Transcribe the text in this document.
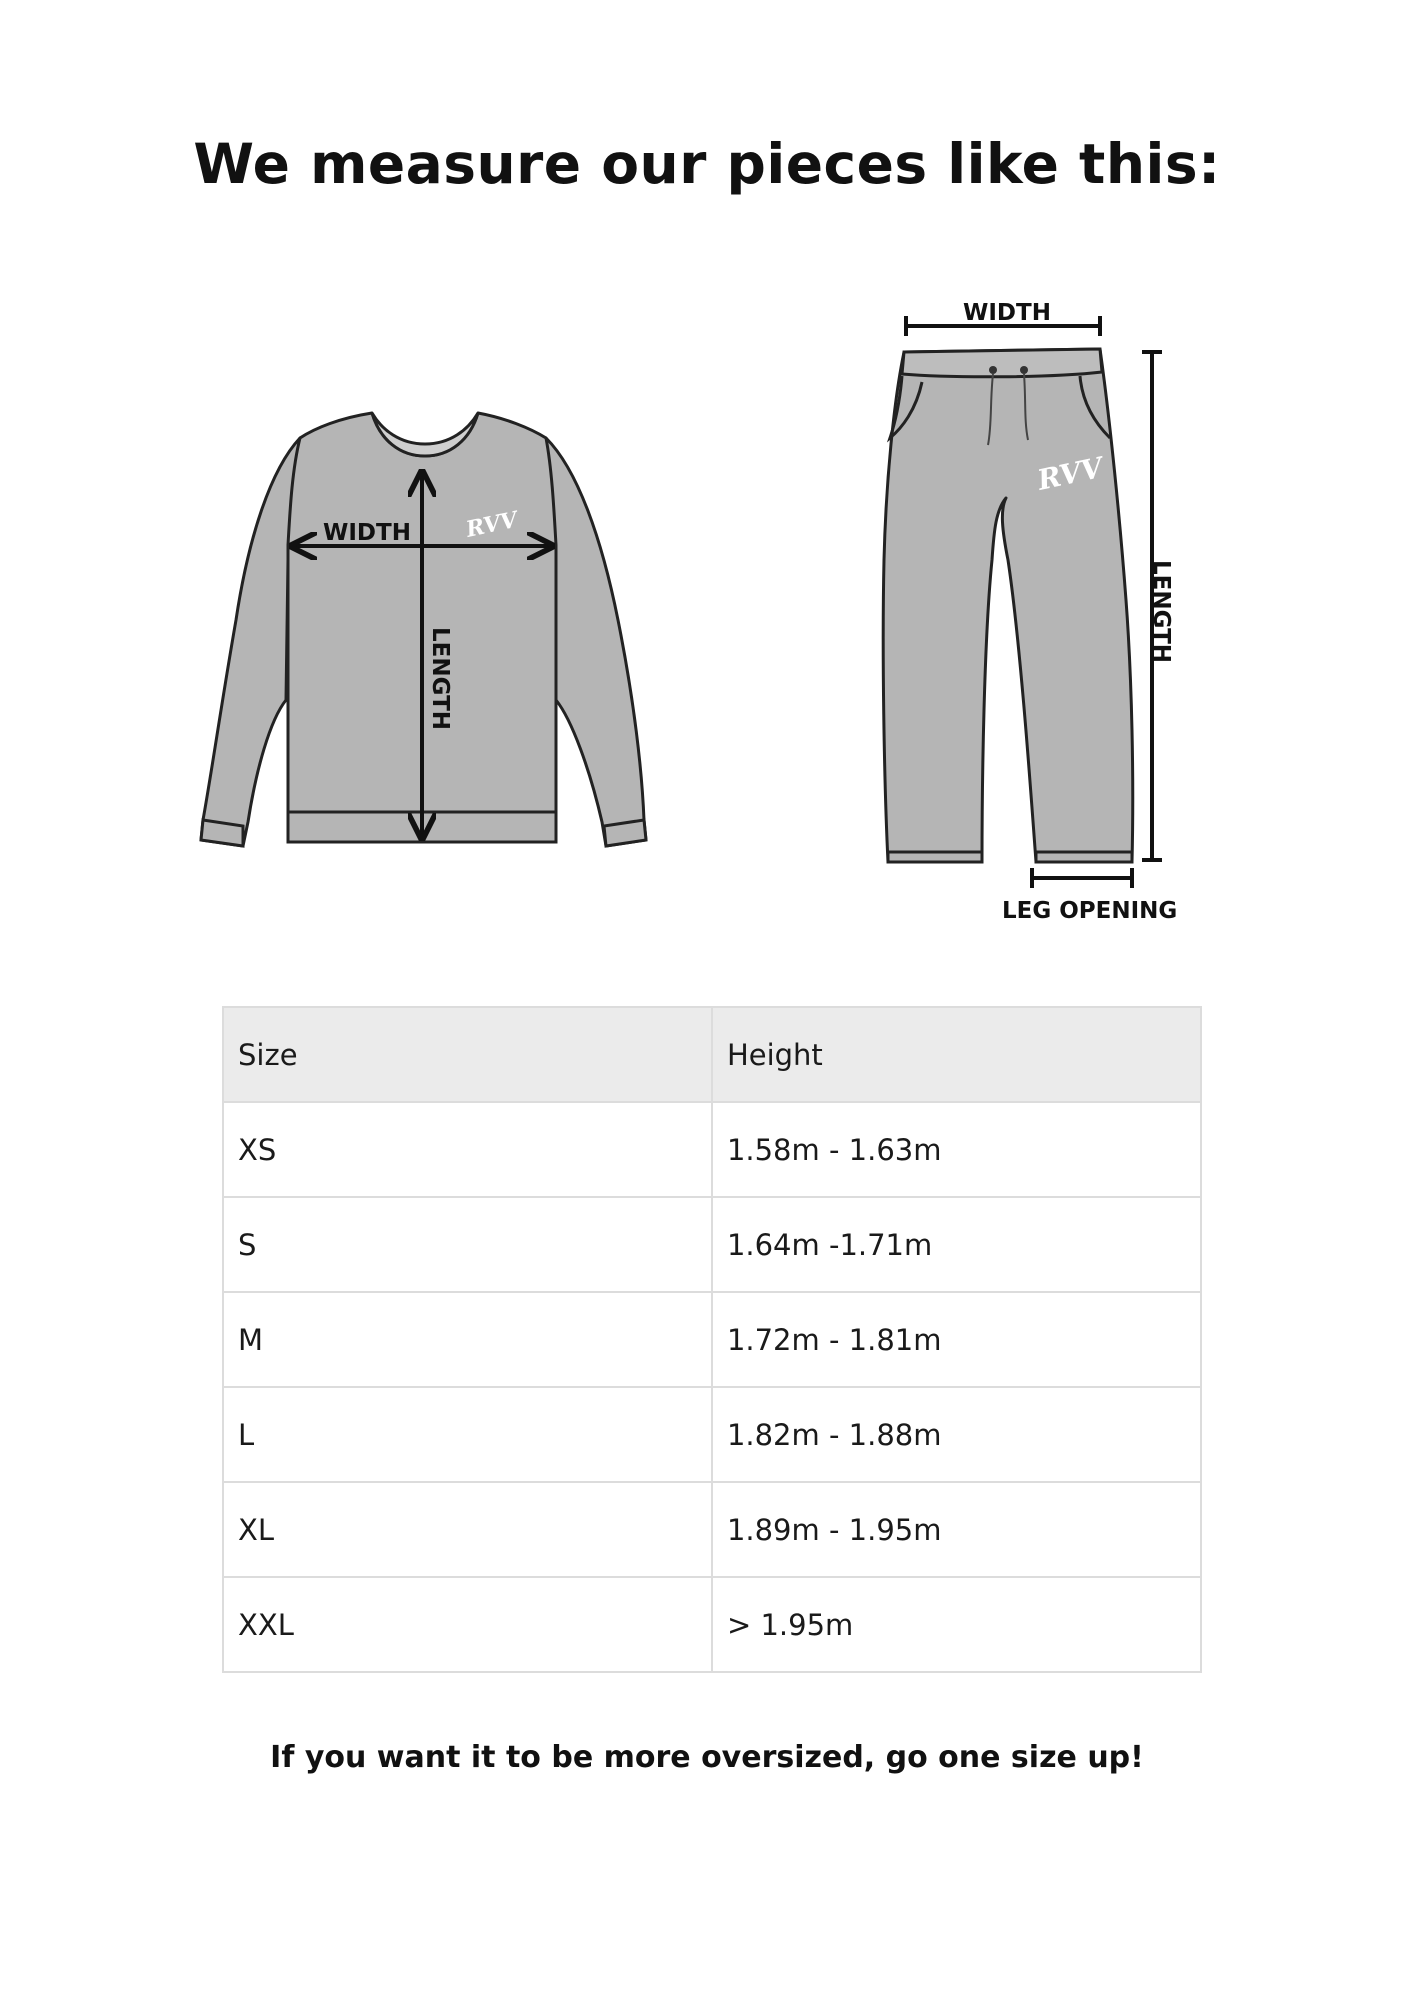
We measure our pieces like this:
WIDTH
LENGTH
RVV
WIDTH
LENGTH
LEG OPENING
RVV
Size	Height
XS	1.58m - 1.63m
S	1.64m -1.71m
M	1.72m - 1.81m
L	1.82m - 1.88m
XL	1.89m - 1.95m
XXL	> 1.95m
If you want it to be more oversized, go one size up!
